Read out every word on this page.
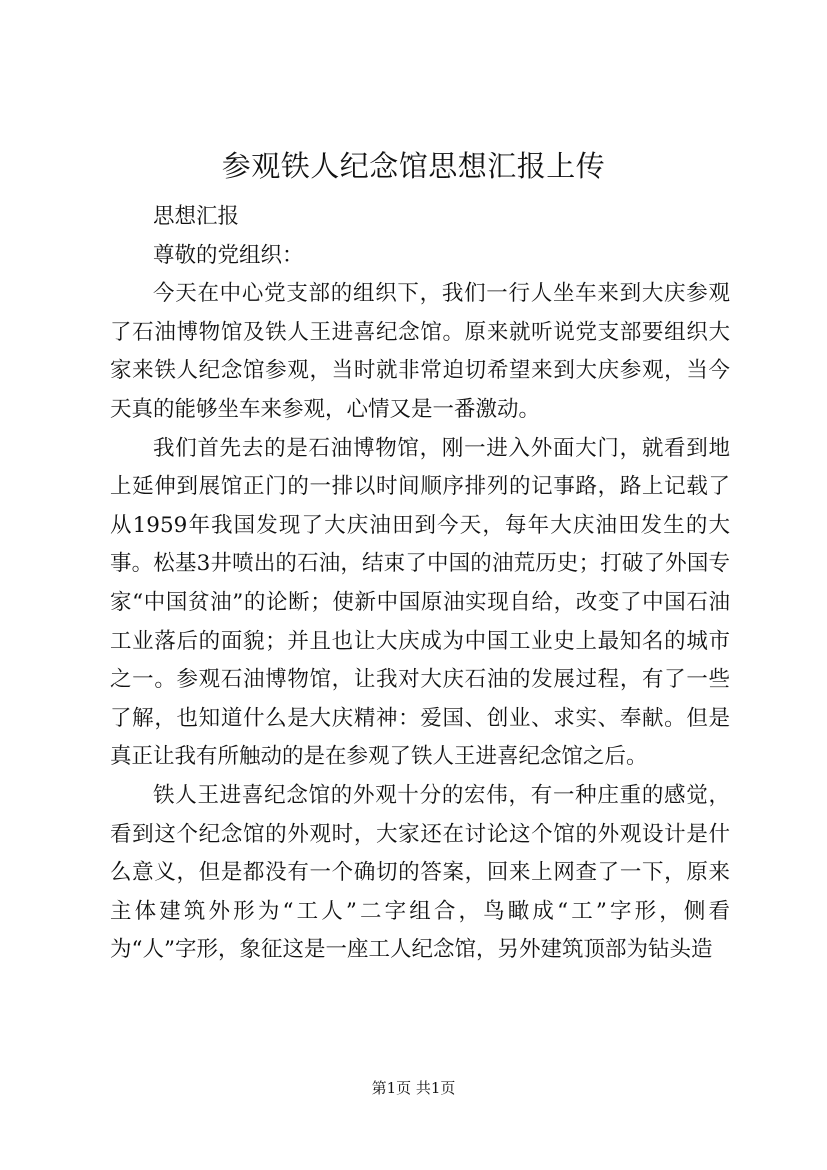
参观铁人纪念馆思想汇报上传

思想汇报

尊敬的党组织：

今天在中心党支部的组织下，我们一行人坐车来到大庆参观了石油博物馆及铁人王进喜纪念馆。原来就听说党支部要组织大家来铁人纪念馆参观，当时就非常迫切希望来到大庆参观，当今天真的能够坐车来参观，心情又是一番激动。

我们首先去的是石油博物馆，刚一进入外面大门，就看到地上延伸到展馆正门的一排以时间顺序排列的记事路，路上记载了从1959年我国发现了大庆油田到今天，每年大庆油田发生的大事。松基3井喷出的石油，结束了中国的油荒历史；打破了外国专家“中国贫油”的论断；使新中国原油实现自给，改变了中国石油工业落后的面貌；并且也让大庆成为中国工业史上最知名的城市之一。参观石油博物馆，让我对大庆石油的发展过程，有了一些了解，也知道什么是大庆精神：爱国、创业、求实、奉献。但是真正让我有所触动的是在参观了铁人王进喜纪念馆之后。

铁人王进喜纪念馆的外观十分的宏伟，有一种庄重的感觉，看到这个纪念馆的外观时，大家还在讨论这个馆的外观设计是什么意义，但是都没有一个确切的答案，回来上网查了一下，原来主体建筑外形为“工人”二字组合，鸟瞰成“工”字形，侧看为“人”字形，象征这是一座工人纪念馆，另外建筑顶部为钻头造

第1页 共1页
